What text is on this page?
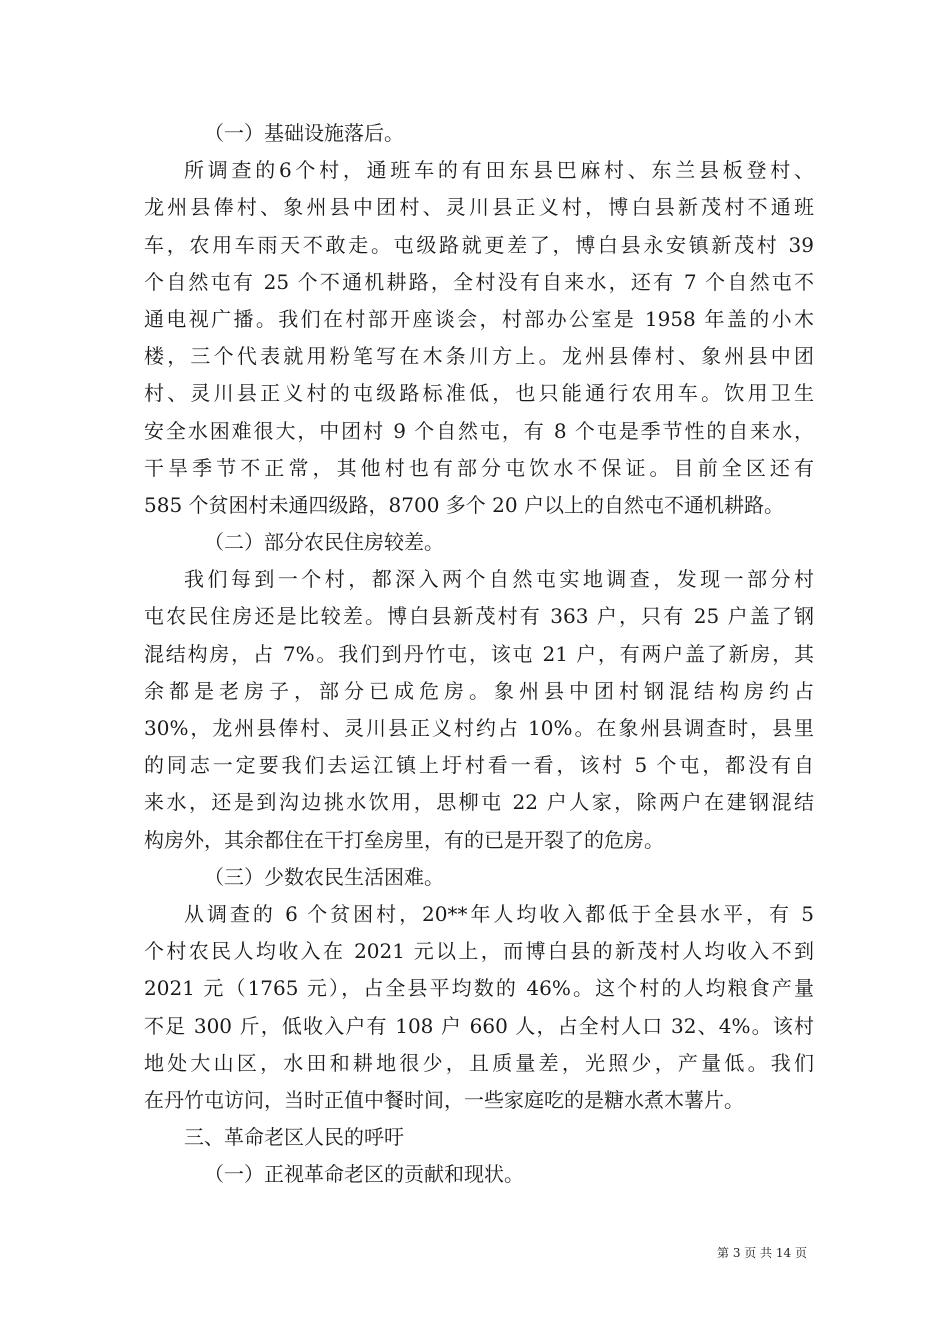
（一）基础设施落后。
所调查的6个村，通班车的有田东县巴麻村、东兰县板登村、
龙州县俸村、象州县中团村、灵川县正义村，博白县新茂村不通班
车，农用车雨天不敢走。屯级路就更差了，博白县永安镇新茂村 39
个自然屯有 25 个不通机耕路，全村没有自来水，还有 7 个自然屯不
通电视广播。我们在村部开座谈会，村部办公室是 1958 年盖的小木
楼，三个代表就用粉笔写在木条川方上。龙州县俸村、象州县中团
村、灵川县正义村的屯级路标准低，也只能通行农用车。饮用卫生
安全水困难很大，中团村 9 个自然屯，有 8 个屯是季节性的自来水，
干旱季节不正常，其他村也有部分屯饮水不保证。目前全区还有
585 个贫困村未通四级路，8700 多个 20 户以上的自然屯不通机耕路。
（二）部分农民住房较差。
我们每到一个村，都深入两个自然屯实地调查，发现一部分村
屯农民住房还是比较差。博白县新茂村有 363 户，只有 25 户盖了钢
混结构房，占 7%。我们到丹竹屯，该屯 21 户，有两户盖了新房，其
余都是老房子，部分已成危房。象州县中团村钢混结构房约占
30%，龙州县俸村、灵川县正义村约占 10%。在象州县调查时，县里
的同志一定要我们去运江镇上圩村看一看，该村 5 个屯，都没有自
来水，还是到沟边挑水饮用，思柳屯 22 户人家，除两户在建钢混结
构房外，其余都住在干打垒房里，有的已是开裂了的危房。
（三）少数农民生活困难。
从调查的 6 个贫困村，20**年人均收入都低于全县水平，有 5
个村农民人均收入在 2021 元以上，而博白县的新茂村人均收入不到
2021 元（1765 元），占全县平均数的 46%。这个村的人均粮食产量
不足 300 斤，低收入户有 108 户 660 人，占全村人口 32、4%。该村
地处大山区，水田和耕地很少，且质量差，光照少，产量低。我们
在丹竹屯访问，当时正值中餐时间，一些家庭吃的是糖水煮木薯片。
三、革命老区人民的呼吁
（一）正视革命老区的贡献和现状。
第 3 页 共 14 页
